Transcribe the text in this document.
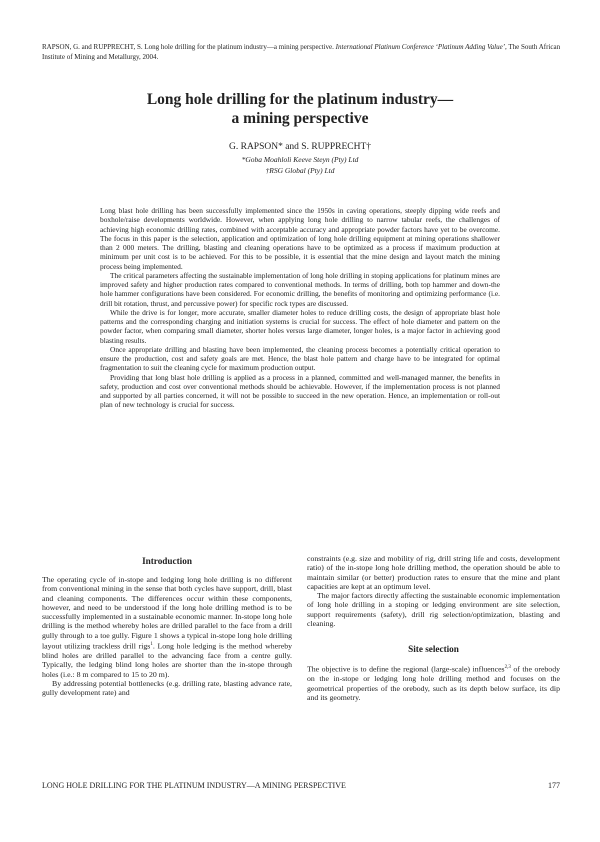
RAPSON, G. and RUPPRECHT, S. Long hole drilling for the platinum industry—a mining perspective. International Platinum Conference ‘Platinum Adding Value’, The South African Institute of Mining and Metallurgy, 2004.
Long hole drilling for the platinum industry—
a mining perspective
G. RAPSON* and S. RUPPRECHT†
*Goba Moahloli Keeve Steyn (Pty) Ltd
†RSG Global (Pty) Ltd

Long blast hole drilling has been successfully implemented since the 1950s in caving operations, steeply dipping wide reefs and boxhole/raise developments worldwide. However, when applying long hole drilling to narrow tabular reefs, the challenges of achieving high economic drilling rates, combined with acceptable accuracy and appropriate powder factors have yet to be overcome. The focus in this paper is the selection, application and optimization of long hole drilling equipment at mining operations shallower than 2 000 meters. The drilling, blasting and cleaning operations have to be optimized as a process if maximum production at minimum per unit cost is to be achieved. For this to be possible, it is essential that the mine design and layout match the mining process being implemented.

The critical parameters affecting the sustainable implementation of long hole drilling in stoping applications for platinum mines are improved safety and higher production rates compared to conventional methods. In terms of drilling, both top hammer and down-the hole hammer configurations have been considered. For economic drilling, the benefits of monitoring and optimizing performance (i.e. drill bit rotation, thrust, and percussive power) for specific rock types are discussed.

While the drive is for longer, more accurate, smaller diameter holes to reduce drilling costs, the design of appropriate blast hole patterns and the corresponding charging and initiation systems is crucial for success. The effect of hole diameter and pattern on the powder factor, when comparing small diameter, shorter holes versus large diameter, longer holes, is a major factor in achieving good blasting results.

Once appropriate drilling and blasting have been implemented, the cleaning process becomes a potentially critical operation to ensure the production, cost and safety goals are met. Hence, the blast hole pattern and charge have to be integrated for optimal fragmentation to suit the cleaning cycle for maximum production output.

Providing that long blast hole drilling is applied as a process in a planned, committed and well-managed manner, the benefits in safety, production and cost over conventional methods should be achievable. However, if the implementation process is not planned and supported by all parties concerned, it will not be possible to succeed in the new operation. Hence, an implementation or roll-out plan of new technology is crucial for success.

Introduction

The operating cycle of in-stope and ledging long hole drilling is no different from conventional mining in the sense that both cycles have support, drill, blast and cleaning components. The differences occur within these components, however, and need to be understood if the long hole drilling method is to be successfully implemented in a sustainable economic manner. In-stope long hole drilling is the method whereby holes are drilled parallel to the face from a drill gully through to a toe gully. Figure 1 shows a typical in-stope long hole drilling layout utilizing trackless drill rigs$^1$. Long hole ledging is the method whereby blind holes are drilled parallel to the advancing face from a centre gully. Typically, the ledging blind long holes are shorter than the in-stope through holes (i.e.: 8 m compared to 15 to 20 m).

By addressing potential bottlenecks (e.g. drilling rate, blasting advance rate, gully development rate) and

constraints (e.g. size and mobility of rig, drill string life and costs, development ratio) of the in-stope long hole drilling method, the operation should be able to maintain similar (or better) production rates to ensure that the mine and plant capacities are kept at an optimum level.

The major factors directly affecting the sustainable economic implementation of long hole drilling in a stoping or ledging environment are site selection, support requirements (safety), drill rig selection/optimization, blasting and cleaning.

Site selection

The objective is to define the regional (large-scale) influences$^{2,3}$ of the orebody on the in-stope or ledging long hole drilling method and focuses on the geometrical properties of the orebody, such as its depth below surface, its dip and its geometry.

LONG HOLE DRILLING FOR THE PLATINUM INDUSTRY—A MINING PERSPECTIVE	177
